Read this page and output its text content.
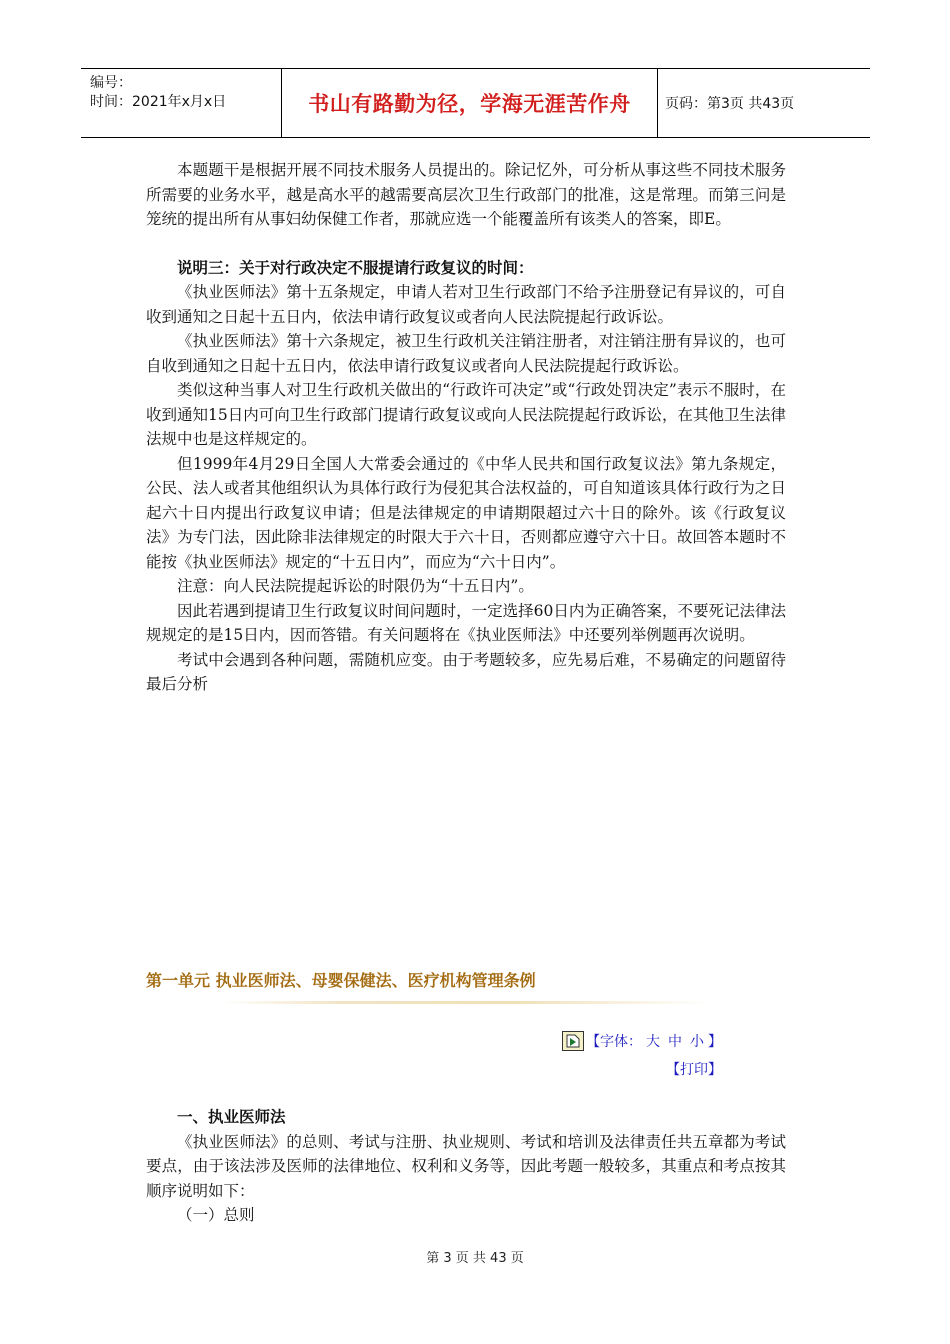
编号：
时间：2021年x月x日	书山有路勤为径，学海无涯苦作舟 页码：第3页 共43页

本题题干是根据开展不同技术服务人员提出的。除记忆外，可分析从事这些不同技术服务所需要的业务水平，越是高水平的越需要高层次卫生行政部门的批准，这是常理。而第三问是笼统的提出所有从事妇幼保健工作者，那就应选一个能覆盖所有该类人的答案，即E。

说明三：关于对行政决定不服提请行政复议的时间：

《执业医师法》第十五条规定，申请人若对卫生行政部门不给予注册登记有异议的，可自收到通知之日起十五日内，依法申请行政复议或者向人民法院提起行政诉讼。

《执业医师法》第十六条规定，被卫生行政机关注销注册者，对注销注册有异议的，也可自收到通知之日起十五日内，依法申请行政复议或者向人民法院提起行政诉讼。

类似这种当事人对卫生行政机关做出的“行政许可决定”或“行政处罚决定”表示不服时，在收到通知15日内可向卫生行政部门提请行政复议或向人民法院提起行政诉讼，在其他卫生法律法规中也是这样规定的。

但1999年4月29日全国人大常委会通过的《中华人民共和国行政复议法》第九条规定，公民、法人或者其他组织认为具体行政行为侵犯其合法权益的，可自知道该具体行政行为之日起六十日内提出行政复议申请；但是法律规定的申请期限超过六十日的除外。该《行政复议法》为专门法，因此除非法律规定的时限大于六十日，否则都应遵守六十日。故回答本题时不能按《执业医师法》规定的“十五日内”，而应为“六十日内”。

注意：向人民法院提起诉讼的时限仍为“十五日内”。

因此若遇到提请卫生行政复议时间问题时，一定选择60日内为正确答案，不要死记法律法规规定的是15日内，因而答错。有关问题将在《执业医师法》中还要列举例题再次说明。

考试中会遇到各种问题，需随机应变。由于考题较多，应先易后难，不易确定的问题留待最后分析

第一单元 执业医师法、母婴保健法、医疗机构管理条例
【字体： 大 中 小 】
【打印】

一、执业医师法

《执业医师法》的总则、考试与注册、执业规则、考试和培训及法律责任共五章都为考试要点，由于该法涉及医师的法律地位、权利和义务等，因此考题一般较多，其重点和考点按其顺序说明如下：

（一）总则

第 3 页 共 43 页
